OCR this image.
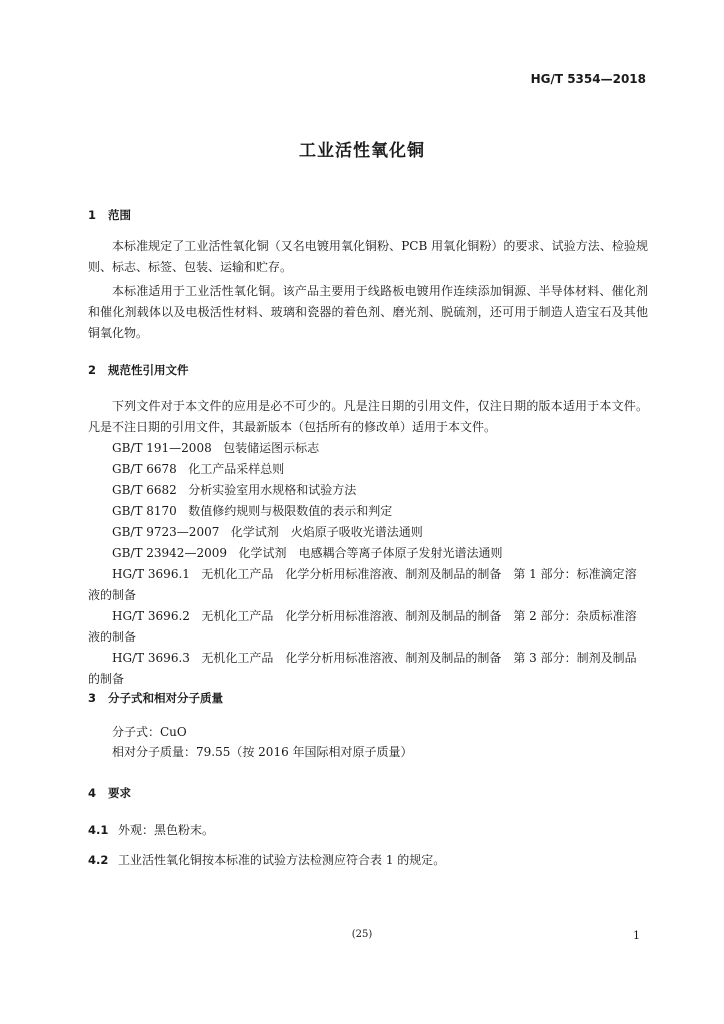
HG/T 5354—2018
工业活性氧化铜
1 范围
本标准规定了工业活性氧化铜（又名电镀用氧化铜粉、PCB 用氧化铜粉）的要求、试验方法、检验规则、标志、标签、包装、运输和贮存。
本标准适用于工业活性氧化铜。该产品主要用于线路板电镀用作连续添加铜源、半导体材料、催化剂和催化剂载体以及电极活性材料、玻璃和瓷器的着色剂、磨光剂、脱硫剂，还可用于制造人造宝石及其他铜氧化物。
2 规范性引用文件
下列文件对于本文件的应用是必不可少的。凡是注日期的引用文件，仅注日期的版本适用于本文件。凡是不注日期的引用文件，其最新版本（包括所有的修改单）适用于本文件。
GB/T 191—2008 包装储运图示标志
GB/T 6678 化工产品采样总则
GB/T 6682 分析实验室用水规格和试验方法
GB/T 8170 数值修约规则与极限数值的表示和判定
GB/T 9723—2007 化学试剂　火焰原子吸收光谱法通则
GB/T 23942—2009 化学试剂　电感耦合等离子体原子发射光谱法通则
HG/T 3696.1 无机化工产品　化学分析用标准溶液、制剂及制品的制备　第 1 部分：标准滴定溶液的制备
HG/T 3696.2 无机化工产品　化学分析用标准溶液、制剂及制品的制备　第 2 部分：杂质标准溶液的制备
HG/T 3696.3 无机化工产品　化学分析用标准溶液、制剂及制品的制备　第 3 部分：制剂及制品的制备
3 分子式和相对分子质量
分子式：CuO
相对分子质量：79.55（按 2016 年国际相对原子质量）
4 要求
4.1 外观：黑色粉末。
4.2 工业活性氧化铜按本标准的试验方法检测应符合表 1 的规定。
(25)	1
